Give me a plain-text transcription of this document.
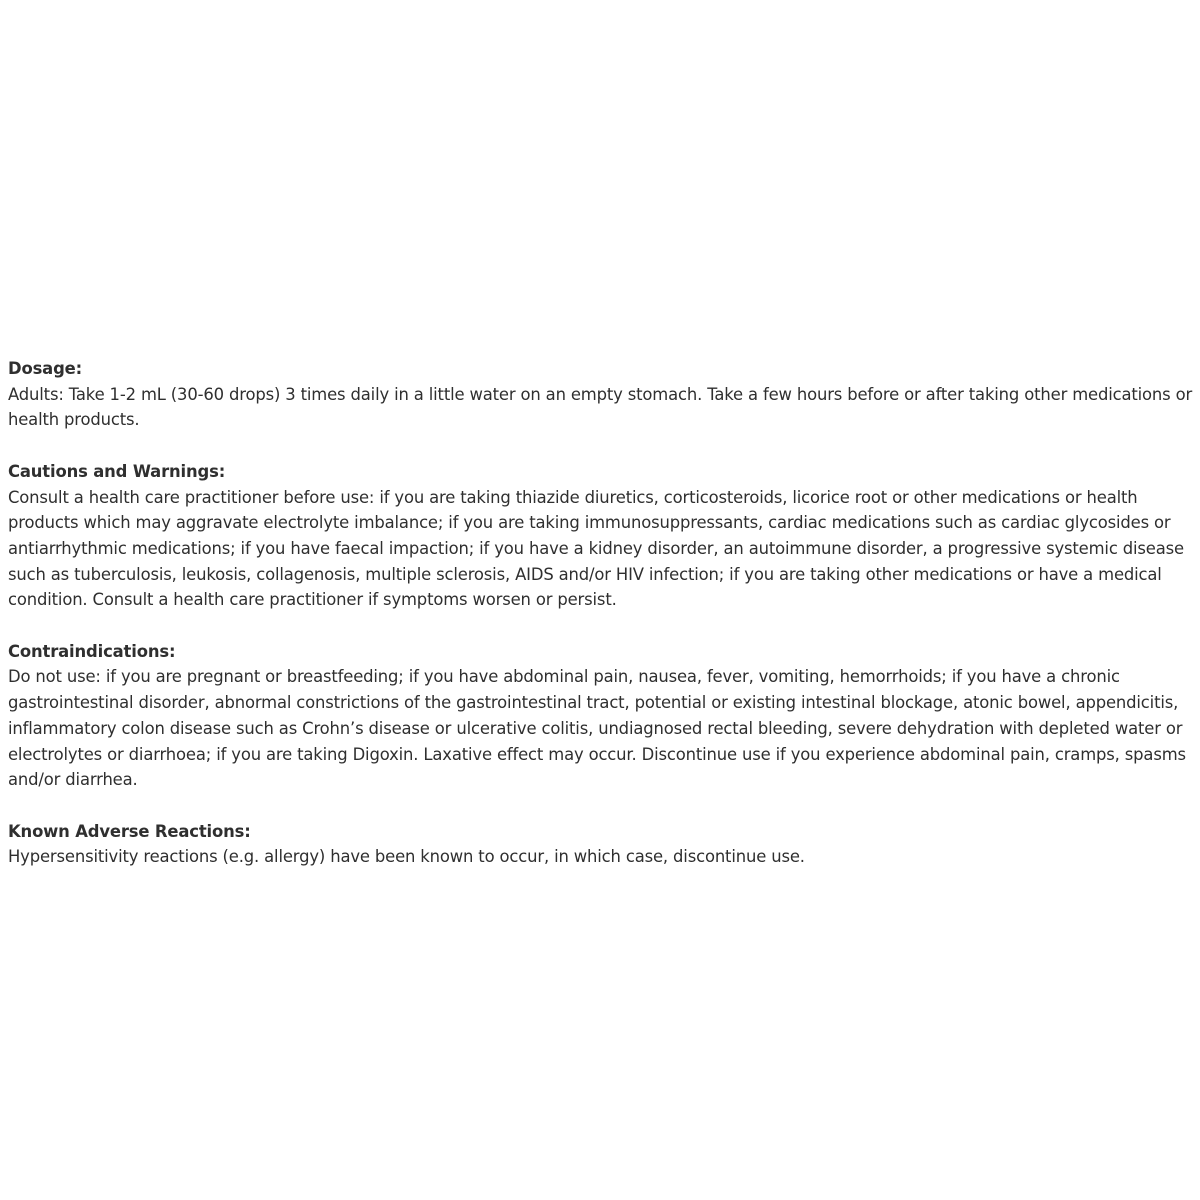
Dosage:
Adults: Take 1-2 mL (30-60 drops) 3 times daily in a little water on an empty stomach. Take a few hours before or after taking other medications or health products.
Cautions and Warnings:
Consult a health care practitioner before use: if you are taking thiazide diuretics, corticosteroids, licorice root or other medications or health products which may aggravate electrolyte imbalance; if you are taking immunosuppressants, cardiac medications such as cardiac glycosides or antiarrhythmic medications; if you have faecal impaction; if you have a kidney disorder, an autoimmune disorder, a progressive systemic disease such as tuberculosis, leukosis, collagenosis, multiple sclerosis, AIDS and/or HIV infection; if you are taking other medications or have a medical condition. Consult a health care practitioner if symptoms worsen or persist.
Contraindications:
Do not use: if you are pregnant or breastfeeding; if you have abdominal pain, nausea, fever, vomiting, hemorrhoids; if you have a chronic gastrointestinal disorder, abnormal constrictions of the gastrointestinal tract, potential or existing intestinal blockage, atonic bowel, appendicitis, inflammatory colon disease such as Crohn’s disease or ulcerative colitis, undiagnosed rectal bleeding, severe dehydration with depleted water or electrolytes or diarrhoea; if you are taking Digoxin. Laxative effect may occur. Discontinue use if you experience abdominal pain, cramps, spasms and/or diarrhea.
Known Adverse Reactions:
Hypersensitivity reactions (e.g. allergy) have been known to occur, in which case, discontinue use.
